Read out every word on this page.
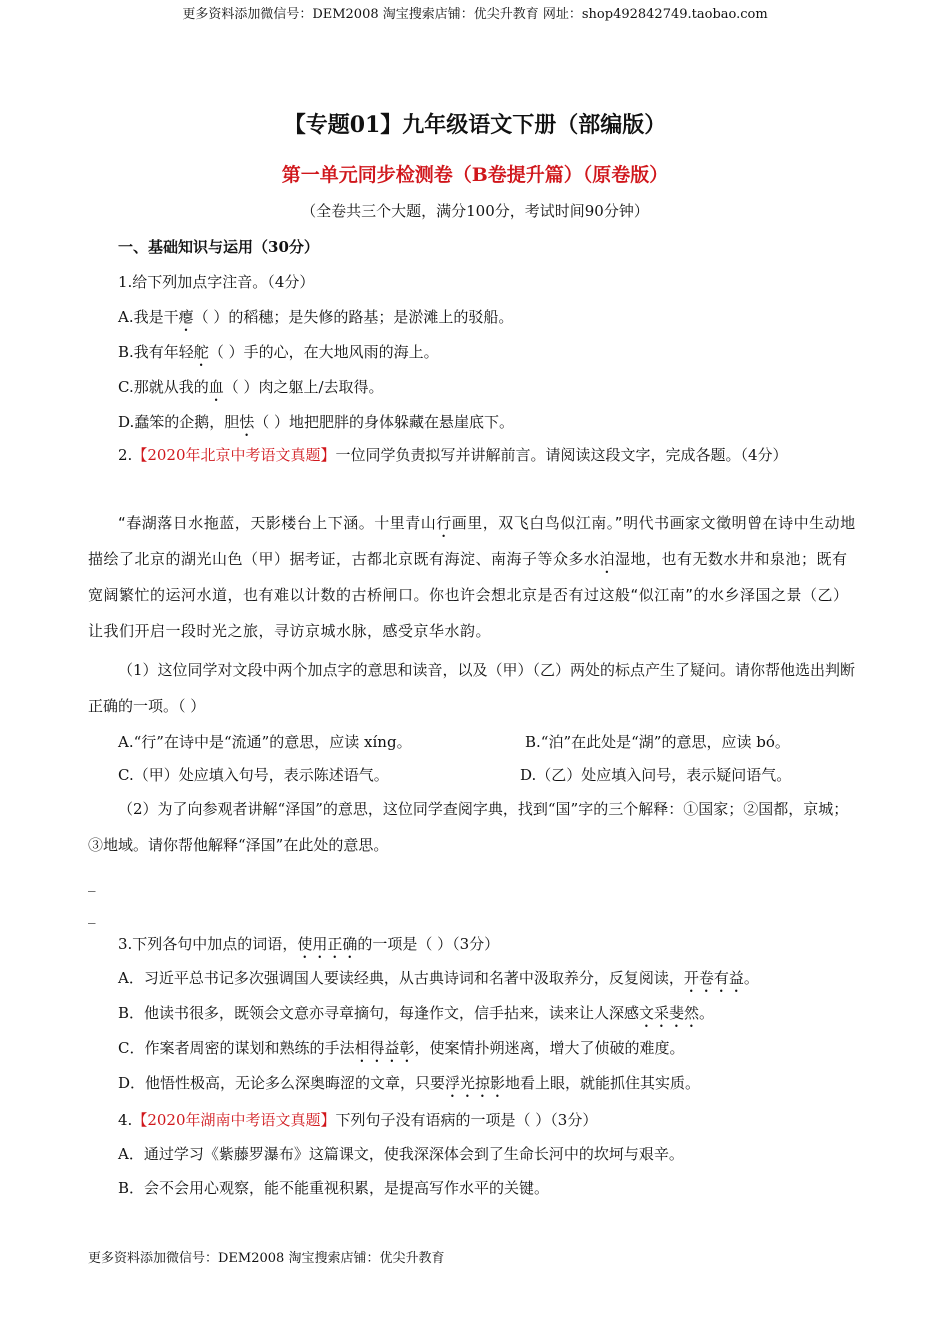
更多资料添加微信号：DEM2008 淘宝搜索店铺：优尖升教育 网址：shop492842749.taobao.com
【专题01】九年级语文下册（部编版）
第一单元同步检测卷（B卷提升篇）（原卷版）
（全卷共三个大题，满分100分，考试时间90分钟）
一、基础知识与运用（30分）
1.给下列加点字注音。（4分）
A.我是干瘪（ ）的稻穗；是失修的路基；是淤滩上的驳船。
B.我有年轻舵（ ）手的心，在大地风雨的海上。
C.那就从我的血（ ）肉之躯上/去取得。
D.蠢笨的企鹅，胆怯（ ）地把肥胖的身体躲藏在悬崖底下。
2.【2020年北京中考语文真题】一位同学负责拟写并讲解前言。请阅读这段文字，完成各题。（4分）
“春湖落日水拖蓝，天影楼台上下涵。十里青山行画里，双飞白鸟似江南。”明代书画家文徵明曾在诗中生动地描绘了北京的湖光山色（甲）据考证，古都北京既有海淀、南海子等众多水泊湿地，也有无数水井和泉池；既有宽阔繁忙的运河水道，也有难以计数的古桥闸口。你也许会想北京是否有过这般“似江南”的水乡泽国之景（乙）让我们开启一段时光之旅，寻访京城水脉，感受京华水韵。
（1）这位同学对文段中两个加点字的意思和读音，以及（甲）（乙）两处的标点产生了疑问。请你帮他选出判断正确的一项。（ ）
A.“行”在诗中是“流通”的意思，应读 xíng。	B.“泊”在此处是“湖”的意思，应读 bó。
C.（甲）处应填入句号，表示陈述语气。	D.（乙）处应填入问号，表示疑问语气。
（2）为了向参观者讲解“泽国”的意思，这位同学查阅字典，找到“国”字的三个解释：①国家；②国都，京城；③地域。请你帮他解释“泽国”在此处的意思。
_
_
3.下列各句中加点的词语，使用正确的一项是（ ）（3分）
A．习近平总书记多次强调国人要读经典，从古典诗词和名著中汲取养分，反复阅读，开卷有益。
B．他读书很多，既领会文意亦寻章摘句，每逢作文，信手拈来，读来让人深感文采斐然。
C．作案者周密的谋划和熟练的手法相得益彰，使案情扑朔迷离，增大了侦破的难度。
D．他悟性极高，无论多么深奥晦涩的文章，只要浮光掠影地看上眼，就能抓住其实质。
4.【2020年湖南中考语文真题】下列句子没有语病的一项是（ ）（3分）
A．通过学习《紫藤罗瀑布》这篇课文，使我深深体会到了生命长河中的坎坷与艰辛。
B．会不会用心观察，能不能重视积累，是提高写作水平的关键。
更多资料添加微信号：DEM2008 淘宝搜索店铺：优尖升教育
